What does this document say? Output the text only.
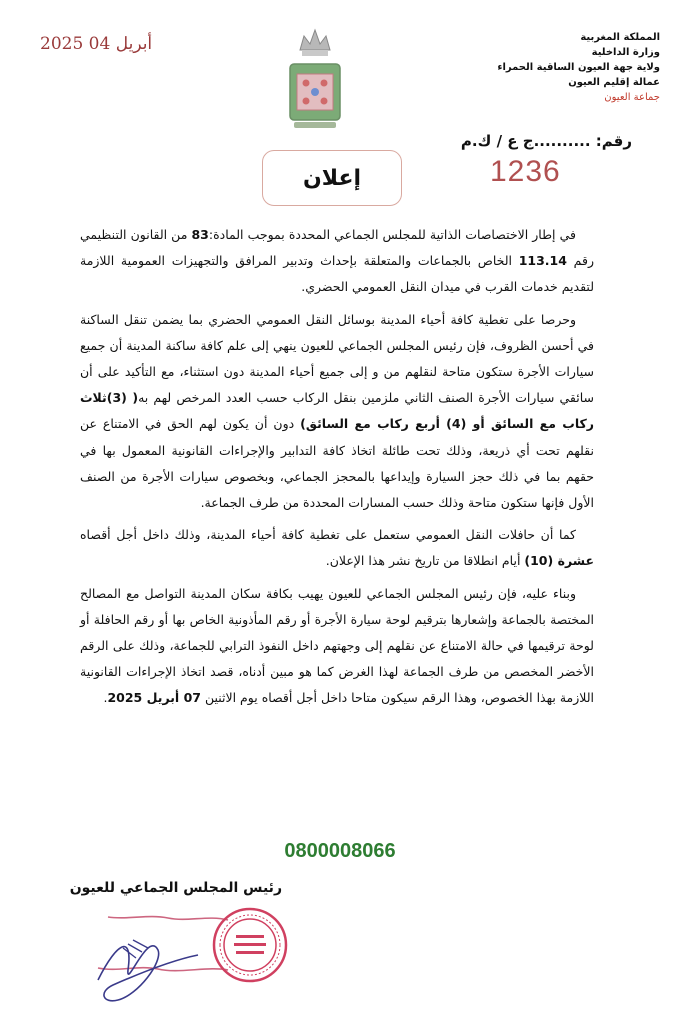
2025 أبريل 04	المملكة المغربية
وزارة الداخلية
ولاية جهة العيون الساقية الحمراء
عمالة إقليم العيون
جماعة العيون
رقم: ..........ج ع / ك.م
إعلان	1236

في إطار الاختصاصات الذاتية للمجلس الجماعي المحددة بموجب المادة:83 من القانون التنظيمي رقم 113.14 الخاص بالجماعات والمتعلقة بإحداث وتدبير المرافق والتجهيزات العمومية اللازمة لتقديم خدمات القرب في ميدان النقل العمومي الحضري.

وحرصا على تغطية كافة أحياء المدينة بوسائل النقل العمومي الحضري بما يضمن تنقل الساكنة في أحسن الظروف، فإن رئيس المجلس الجماعي للعيون ينهي إلى علم كافة ساكنة المدينة أن جميع سيارات الأجرة ستكون متاحة لنقلهم من و إلى جميع أحياء المدينة دون استثناء، مع التأكيد على أن سائقي سيارات الأجرة الصنف الثاني ملزمين بنقل الركاب حسب العدد المرخص لهم به( (3)ثلاث ركاب مع السائق أو (4) أربع ركاب مع السائق) دون أن يكون لهم الحق في الامتناع عن نقلهم تحت أي ذريعة، وذلك تحت طائلة اتخاذ كافة التدابير والإجراءات القانونية المعمول بها في حقهم بما في ذلك حجز السيارة وإيداعها بالمحجز الجماعي، وبخصوص سيارات الأجرة من الصنف الأول فإنها ستكون متاحة وذلك حسب المسارات المحددة من طرف الجماعة.

كما أن حافلات النقل العمومي ستعمل على تغطية كافة أحياء المدينة، وذلك داخل أجل أقصاه عشرة (10) أيام انطلاقا من تاريخ نشر هذا الإعلان.

وبناء عليه، فإن رئيس المجلس الجماعي للعيون يهيب بكافة سكان المدينة التواصل مع المصالح المختصة بالجماعة وإشعارها بترقيم لوحة سيارة الأجرة أو رقم المأذونية الخاص بها أو رقم الحافلة أو لوحة ترقيمها في حالة الامتناع عن نقلهم إلى وجهتهم داخل النفوذ الترابي للجماعة، وذلك على الرقم الأخضر المخصص من طرف الجماعة لهذا الغرض كما هو مبين أدناه، قصد اتخاذ الإجراءات القانونية اللازمة بهذا الخصوص، وهذا الرقم سيكون متاحا داخل أجل أقصاه يوم الاثنين 07 أبريل 2025.

0800008066
رئيس المجلس الجماعي للعيون
